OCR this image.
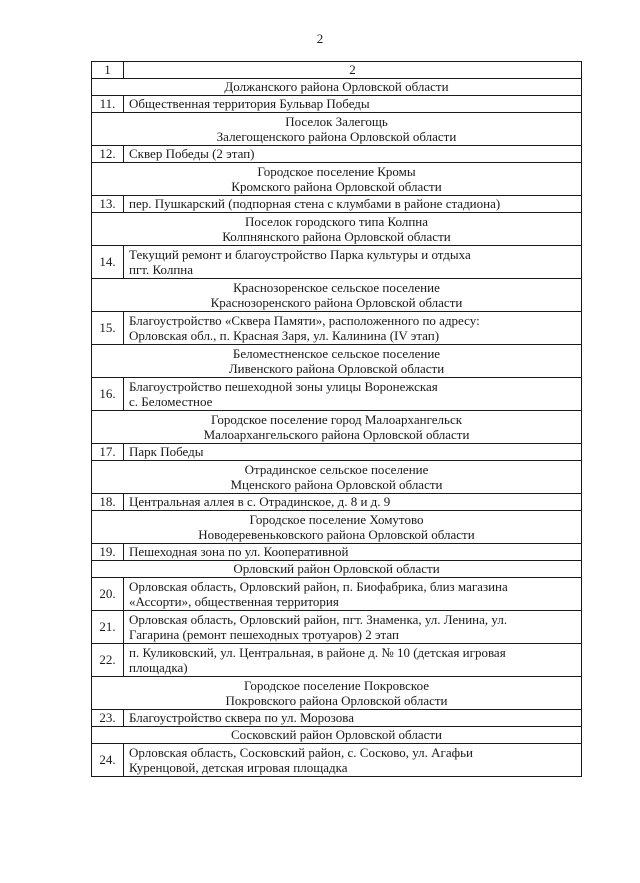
2
1	2

Должанского района Орловской области	

11.	Общественная территория Бульвар Победы

Поселок Залегощь
Залегощенского района Орловской области	

12.	Сквер Победы (2 этап)

Городское поселение Кромы
Кромского района Орловской области	

13.	пер. Пушкарский (подпорная стена с клумбами в районе стадиона)

Поселок городского типа Колпна
Колпнянского района Орловской области	

14.	Текущий ремонт и благоустройство Парка культуры и отдыха
пгт. Колпна

Краснозоренское сельское поселение
Краснозоренского района Орловской области	

15.	Благоустройство «Сквера Памяти», расположенного по адресу:
Орловская обл., п. Красная Заря, ул. Калинина (IV этап)

Беломестненское сельское поселение
Ливенского района Орловской области	

16.	Благоустройство пешеходной зоны улицы Воронежская
с. Беломестное

Городское поселение город Малоархангельск
Малоархангельского района Орловской области	

17.	Парк Победы

Отрадинское сельское поселение
Мценского района Орловской области	

18.	Центральная аллея в с. Отрадинское, д. 8 и д. 9

Городское поселение Хомутово
Новодеревеньковского района Орловской области	

19.	Пешеходная зона по ул. Кооперативной

Орловский район Орловской области	

20.	Орловская область, Орловский район, п. Биофабрика, близ магазина
«Ассорти», общественная территория

21.	Орловская область, Орловский район, пгт. Знаменка, ул. Ленина, ул.
Гагарина (ремонт пешеходных тротуаров) 2 этап

22.	п. Куликовский, ул. Центральная, в районе д. № 10 (детская игровая
площадка)

Городское поселение Покровское
Покровского района Орловской области	

23.	Благоустройство сквера по ул. Морозова

Сосковский район Орловской области	

24.	Орловская область, Сосковский район, с. Сосково, ул. Агафьи
Куренцовой, детская игровая площадка
